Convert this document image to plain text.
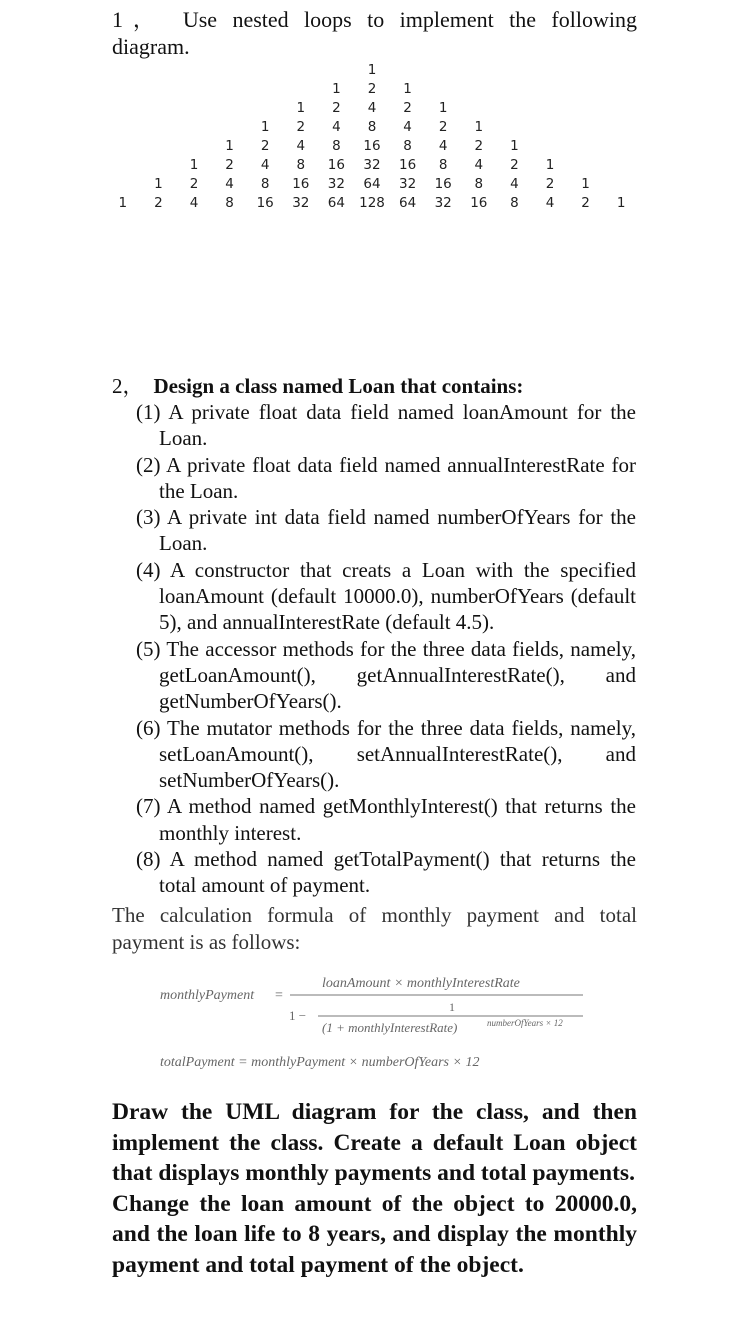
1， Use nested loops to implement the following diagram.
1
1 2 1
1 2 4 2 1
1 2 4 8 4 2 1
1 2 4 8 16 8 4 2 1
1 2 4 8 16 32 16 8 4 2 1
1 2 4 8 16 32 64 32 16 8 4 2 1
1 2 4 8 16 32 64 128 64 32 16 8 4 2 1
2， Design a class named Loan that contains:
(1) A private float data field named loanAmount for the Loan.
(2) A private float data field named annualInterestRate for the Loan.
(3) A private int data field named numberOfYears for the Loan.
(4) A constructor that creats a Loan with the specified loanAmount (default 10000.0), numberOfYears (default 5), and annualInterestRate (default 4.5).
(5) The accessor methods for the three data fields, namely, getLoanAmount(), getAnnualInterestRate(), and getNumberOfYears().
(6) The mutator methods for the three data fields, namely, setLoanAmount(), setAnnualInterestRate(), and setNumberOfYears().
(7) A method named getMonthlyInterest() that returns the monthly interest.
(8) A method named getTotalPayment() that returns the total amount of payment.
The calculation formula of monthly payment and total payment is as follows:
monthlyPayment =
loanAmount × monthlyInterestRate
1
1 −
(1 + monthlyInterestRate)	numberOfYears × 12
totalPayment = monthlyPayment × numberOfYears × 12

Draw the UML diagram for the class, and then implement the class. Create a default Loan object that displays monthly payments and total payments.

Change the loan amount of the object to 20000.0, and the loan life to 8 years, and display the monthly payment and total payment of the object.
